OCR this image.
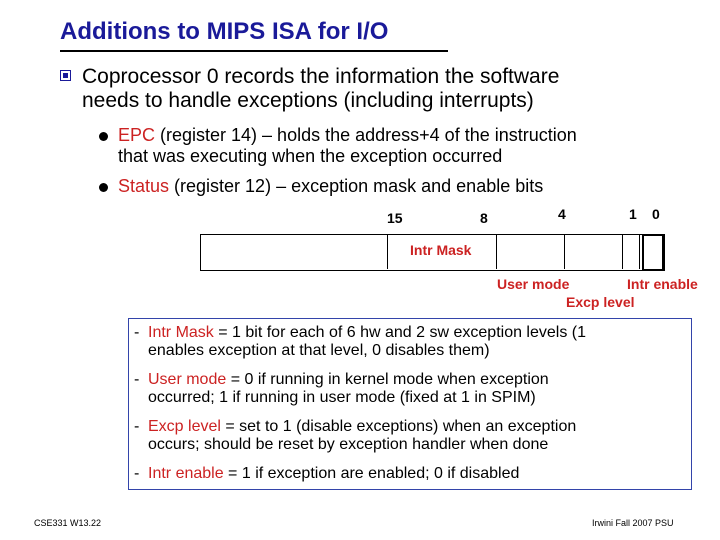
Additions to MIPS ISA for I/O
Coprocessor 0 records the information the software
needs to handle exceptions (including interrupts)
EPC (register 14) – holds the address+4 of the instruction
that was executing when the exception occurred
Status (register 12) – exception mask and enable bits
15	8	4	1 0
Intr Mask
User mode	Intr enable
Excp level
- Intr Mask = 1 bit for each of 6 hw and 2 sw exception levels (1
enables exception at that level, 0 disables them)
- User mode = 0 if running in kernel mode when exception
occurred; 1 if running in user mode (fixed at 1 in SPIM)
- Excp level = set to 1 (disable exceptions) when an exception
occurs; should be reset by exception handler when done
- Intr enable = 1 if exception are enabled; 0 if disabled
CSE331 W13.22	Irwinі Fall 2007 PSU
